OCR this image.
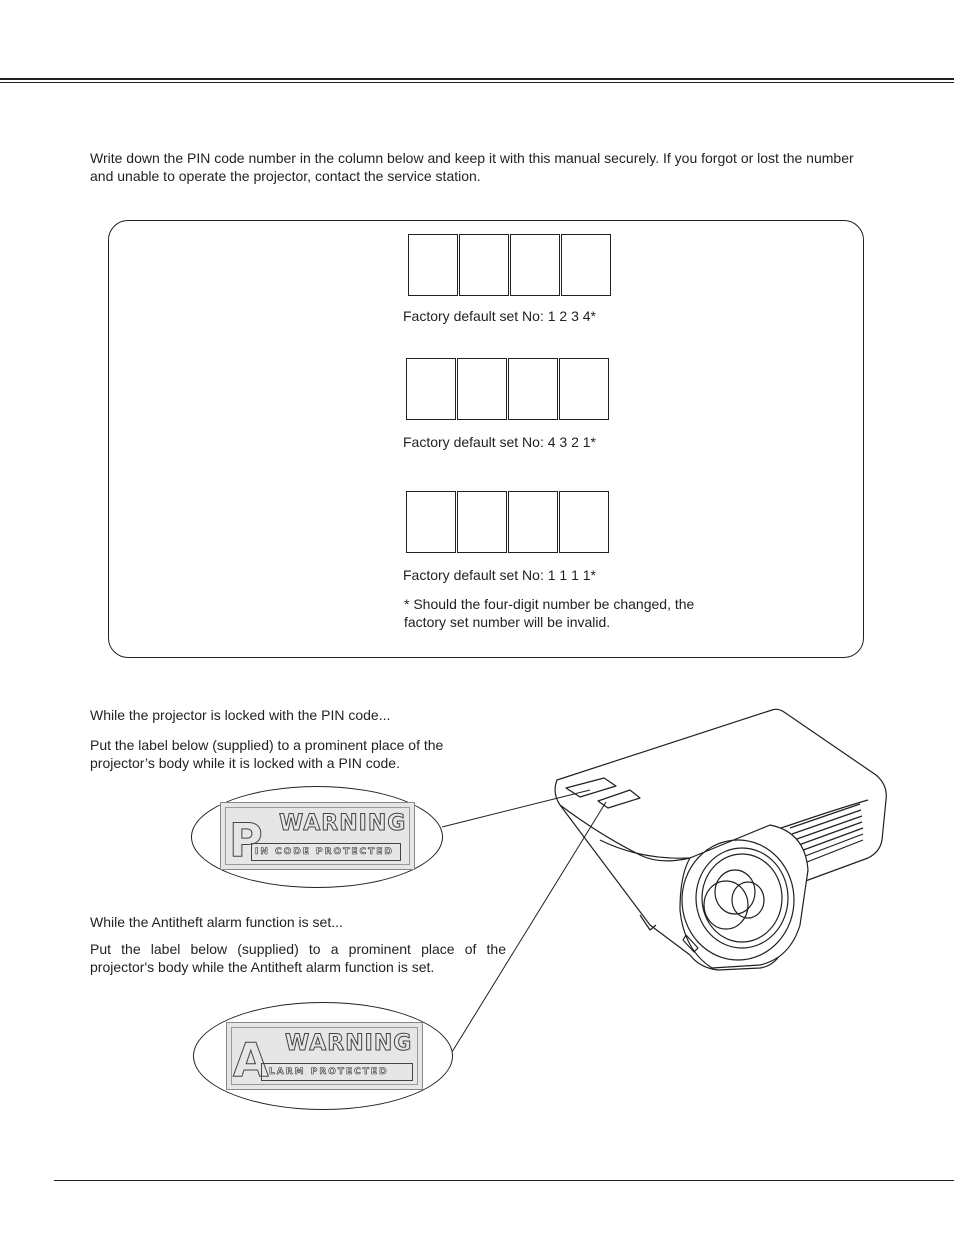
Write down the PIN code number in the column below and keep it with this manual securely. If you forgot or lost the number and unable to operate the projector, contact the service station.

Factory default set No: 1 2 3 4*

Factory default set No: 4 3 2 1*

Factory default set No: 1 1 1 1*

* Should the four-digit number be changed, the

factory set number will be invalid.

While the projector is locked with the PIN code...

Put the label below (supplied) to a prominent place of the

projector’s body while it is locked with a PIN code.

While the Antitheft alarm function is set...

Put the label below (supplied) to a prominent place of the

projector's body while the Antitheft alarm function is set.

P WARNING
IN CODE PROTECTED
A WARNING
LARM PROTECTED
